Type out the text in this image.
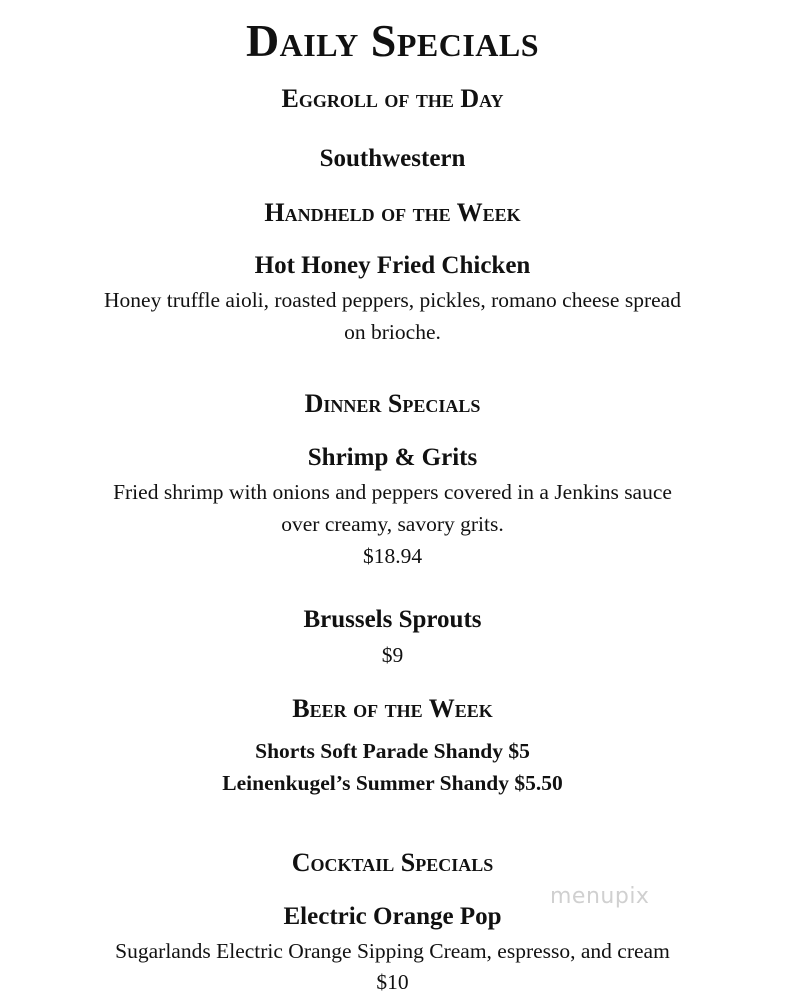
Daily Specials
Eggroll of the Day
Southwestern
Handheld of the Week
Hot Honey Fried Chicken
Honey truffle aioli, roasted peppers, pickles, romano cheese spread
on brioche.
Dinner Specials
Shrimp & Grits
Fried shrimp with onions and peppers covered in a Jenkins sauce
over creamy, savory grits.
$18.94
Brussels Sprouts
$9
Beer of the Week
Shorts Soft Parade Shandy $5
Leinenkugel’s Summer Shandy $5.50
Cocktail Specials
Electric Orange Pop
Sugarlands Electric Orange Sipping Cream, espresso, and cream
$10
menupix
